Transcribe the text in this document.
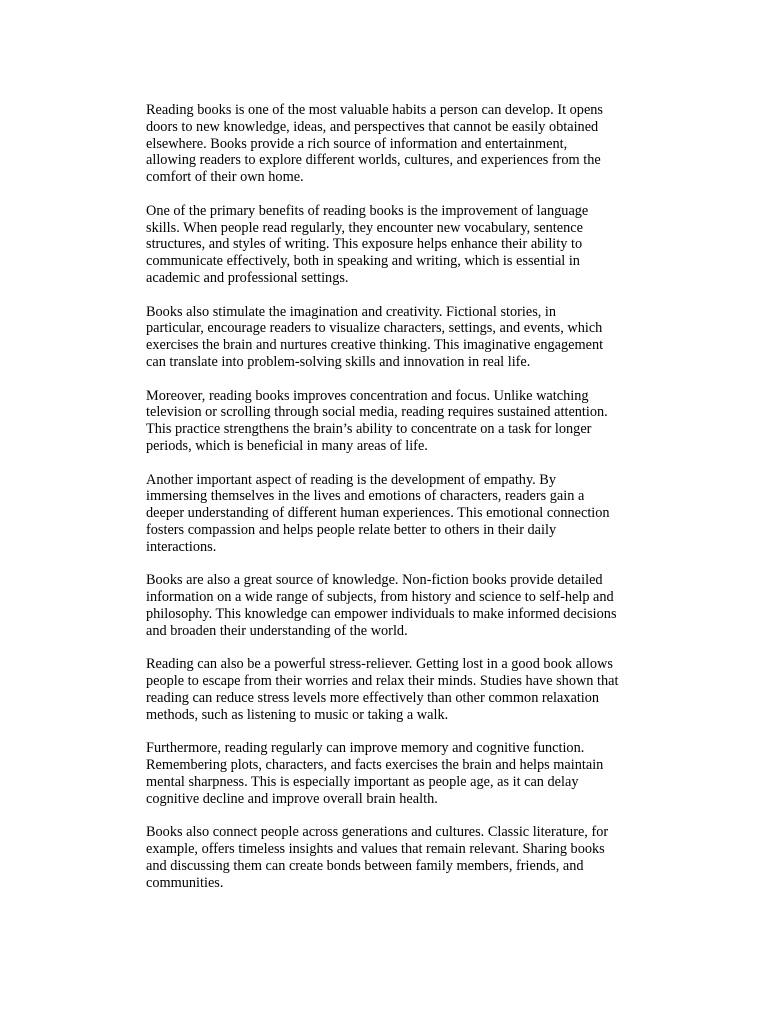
Reading books is one of the most valuable habits a person can develop. It opens
doors to new knowledge, ideas, and perspectives that cannot be easily obtained
elsewhere. Books provide a rich source of information and entertainment,
allowing readers to explore different worlds, cultures, and experiences from the
comfort of their own home.

One of the primary benefits of reading books is the improvement of language
skills. When people read regularly, they encounter new vocabulary, sentence
structures, and styles of writing. This exposure helps enhance their ability to
communicate effectively, both in speaking and writing, which is essential in
academic and professional settings.

Books also stimulate the imagination and creativity. Fictional stories, in
particular, encourage readers to visualize characters, settings, and events, which
exercises the brain and nurtures creative thinking. This imaginative engagement
can translate into problem-solving skills and innovation in real life.

Moreover, reading books improves concentration and focus. Unlike watching
television or scrolling through social media, reading requires sustained attention.
This practice strengthens the brain’s ability to concentrate on a task for longer
periods, which is beneficial in many areas of life.

Another important aspect of reading is the development of empathy. By
immersing themselves in the lives and emotions of characters, readers gain a
deeper understanding of different human experiences. This emotional connection
fosters compassion and helps people relate better to others in their daily
interactions.

Books are also a great source of knowledge. Non-fiction books provide detailed
information on a wide range of subjects, from history and science to self-help and
philosophy. This knowledge can empower individuals to make informed decisions
and broaden their understanding of the world.

Reading can also be a powerful stress-reliever. Getting lost in a good book allows
people to escape from their worries and relax their minds. Studies have shown that
reading can reduce stress levels more effectively than other common relaxation
methods, such as listening to music or taking a walk.

Furthermore, reading regularly can improve memory and cognitive function.
Remembering plots, characters, and facts exercises the brain and helps maintain
mental sharpness. This is especially important as people age, as it can delay
cognitive decline and improve overall brain health.

Books also connect people across generations and cultures. Classic literature, for
example, offers timeless insights and values that remain relevant. Sharing books
and discussing them can create bonds between family members, friends, and
communities.
